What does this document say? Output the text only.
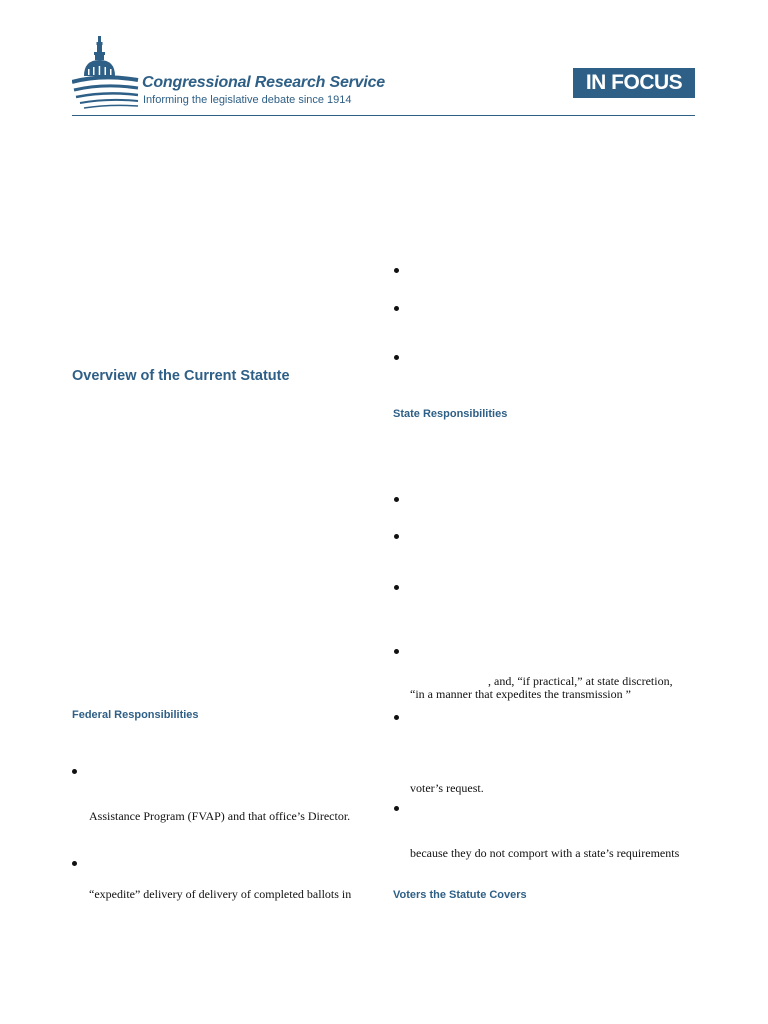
Congressional Research Service
Informing the legislative debate since 1914
IN FOCUS
Overview of the Current Statute
Federal Responsibilities
Assistance Program (FVAP) and that office’s Director.
“expedite” delivery of delivery of completed ballots in
State Responsibilities
, and, “if practical,” at state discretion,
“in a manner that expedites the transmission ”
voter’s request.
because they do not comport with a state’s requirements
Voters the Statute Covers
